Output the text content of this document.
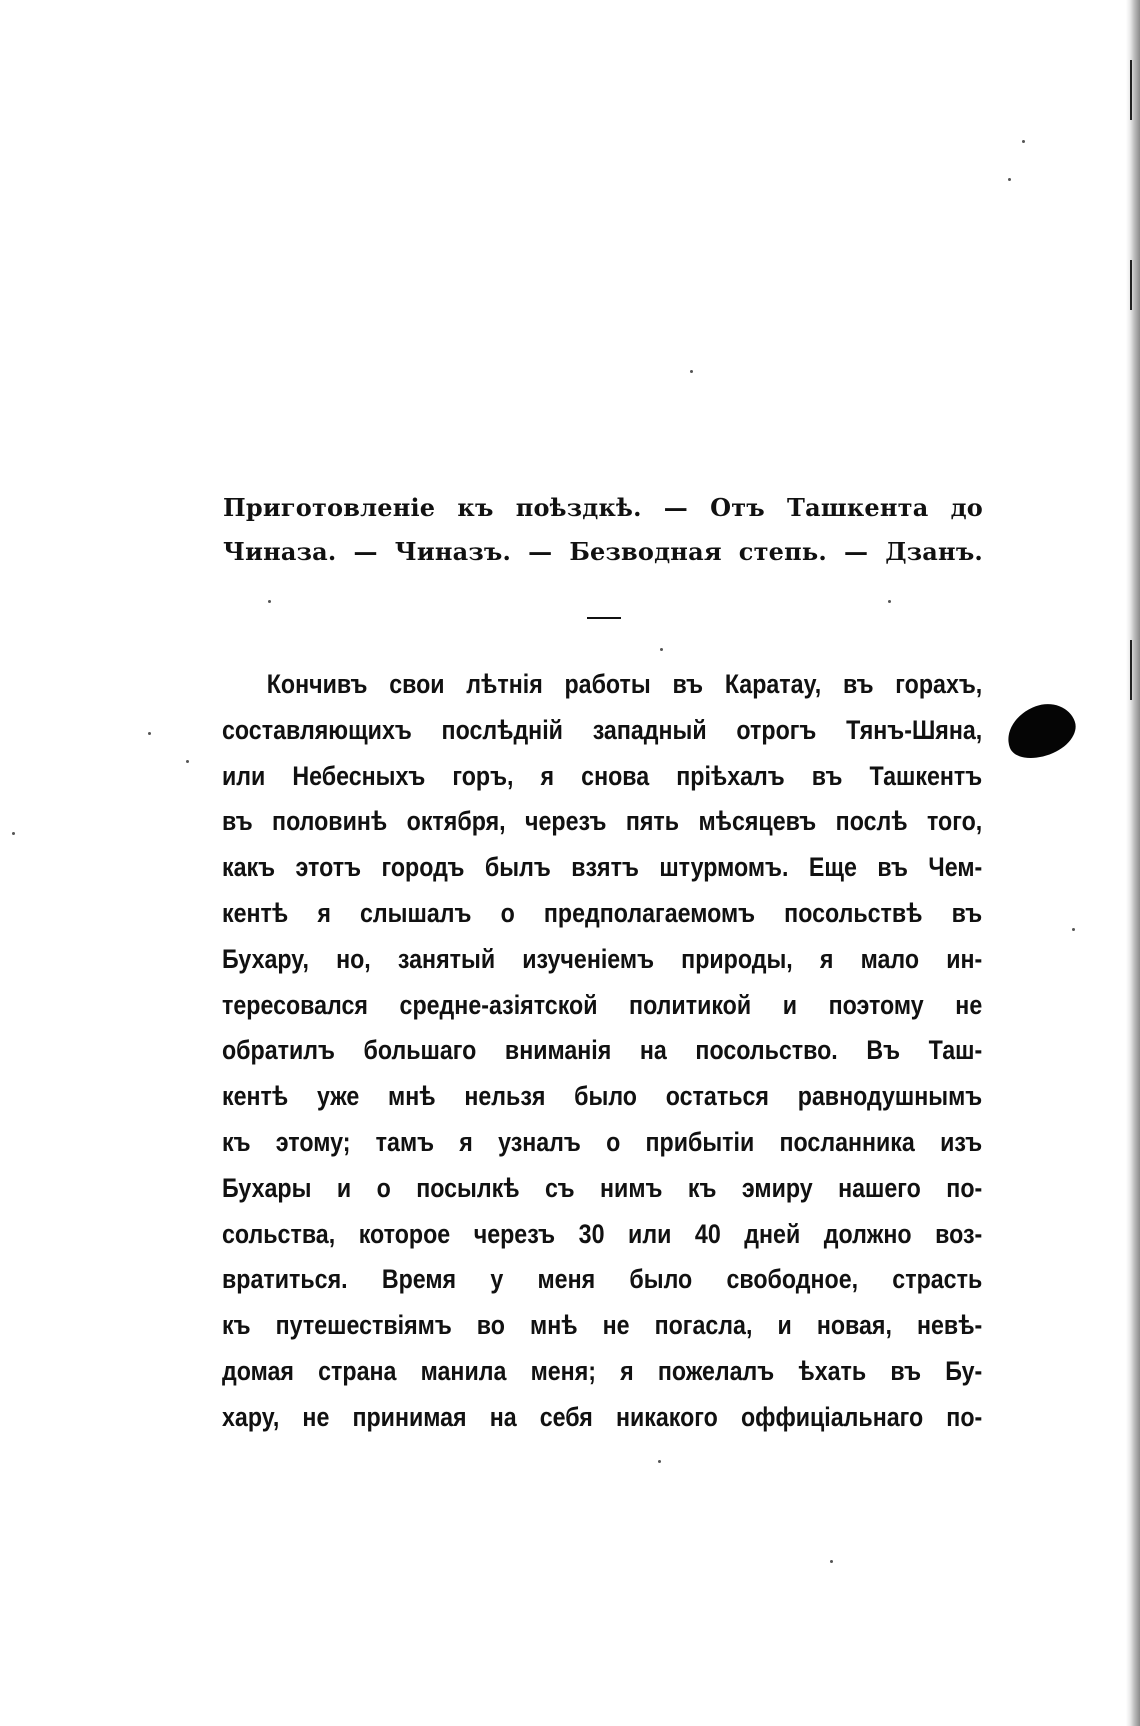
Приготовленіе къ поѣздкѣ. — Отъ Ташкента до
Чиназа. — Чиназъ. — Безводная степь. — Дзанъ.
Кончивъ свои лѣтнія работы въ Каратау, въ горахъ,
составляющихъ послѣдній западный отрогъ Тянъ-Шяна,
или Небесныхъ горъ, я снова пріѣхалъ въ Ташкентъ
въ половинѣ октября, черезъ пять мѣсяцевъ послѣ того,
какъ этотъ городъ былъ взятъ штурмомъ. Еще въ Чем-
кентѣ я слышалъ о предполагаемомъ посольствѣ въ
Бухару, но, занятый изученіемъ природы, я мало ин-
тересовался средне-азіятской политикой и поэтому не
обратилъ большаго вниманія на посольство. Въ Таш-
кентѣ уже мнѣ нельзя было остаться равнодушнымъ
къ этому; тамъ я узналъ о прибытіи посланника изъ
Бухары и о посылкѣ съ нимъ къ эмиру нашего по-
сольства, которое черезъ 30 или 40 дней должно воз-
вратиться. Время у меня было свободное, страсть
къ путешествіямъ во мнѣ не погасла, и новая, невѣ-
домая страна манила меня; я пожелалъ ѣхать въ Бу-
хару, не принимая на себя никакого оффиціальнаго по-
